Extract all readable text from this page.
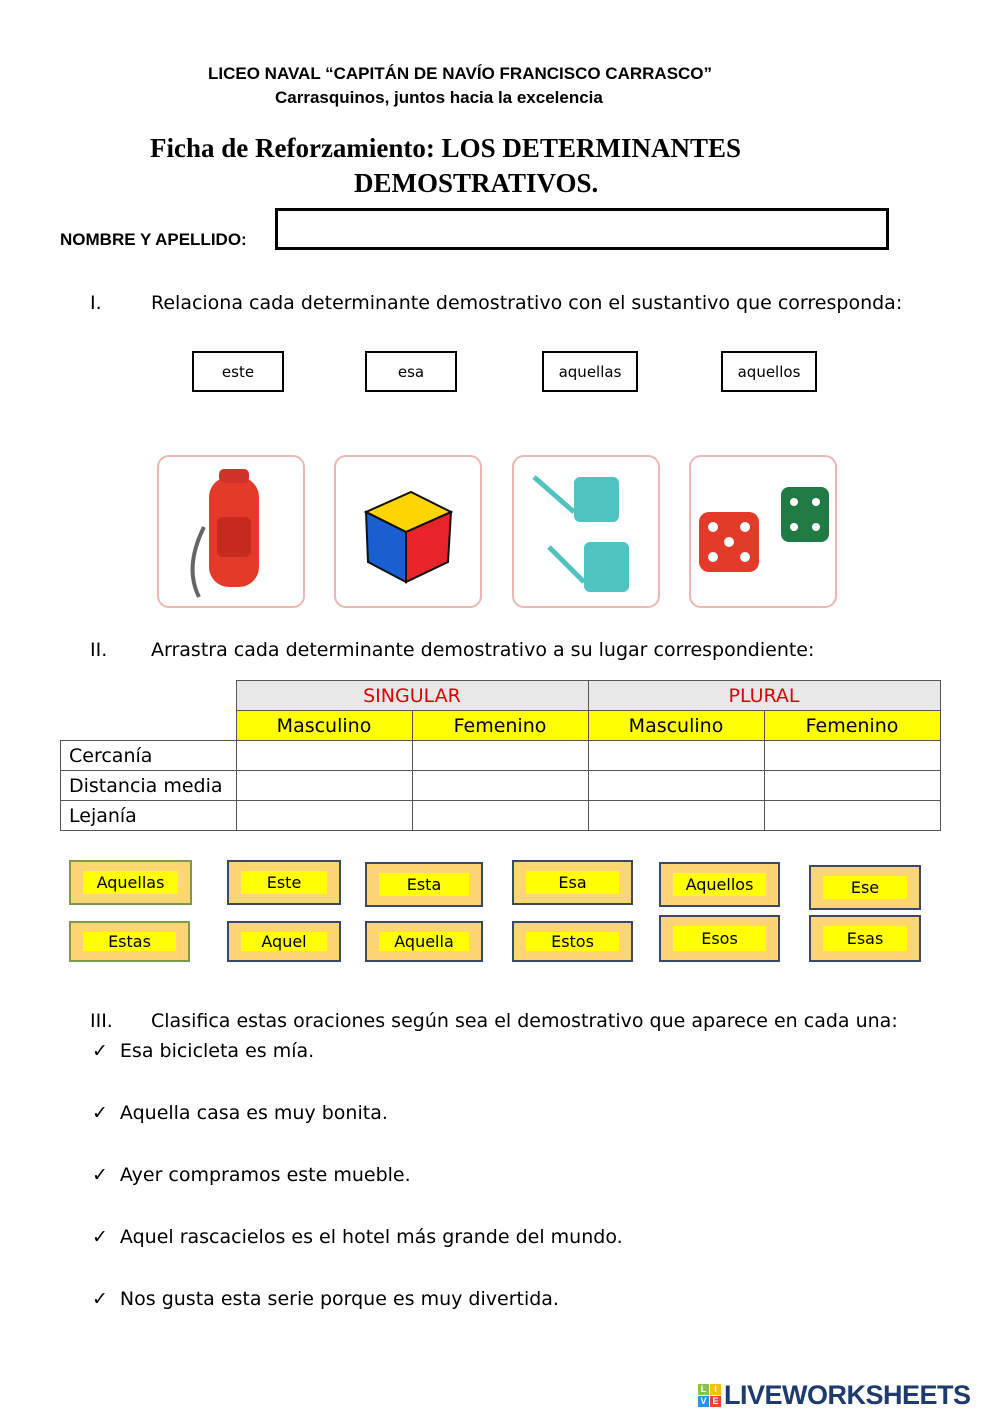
LICEO NAVAL “CAPITÁN DE NAVÍO FRANCISCO CARRASCO”
Carrasquinos, juntos hacia la excelencia
Ficha de Reforzamiento: LOS DETERMINANTES
DEMOSTRATIVOS.
NOMBRE Y APELLIDO:
I.	Relaciona cada determinante demostrativo con el sustantivo que corresponda:
este	esa	aquellas	aquellos
II. Arrastra cada determinante demostrativo a su lugar correspondiente:
	SINGULAR		PLURAL	
	Masculino	Femenino	Masculino	Femenino
Cercanía				
Distancia media				
Lejanía				
Aquellas	Este	Esta	Esa	Aquellos	Ese
Estas	Aquel	Aquella	Estos	Esos	Esas
III. Clasifica estas oraciones según sea el demostrativo que aparece en cada una:
✓ Esa bicicleta es mía.
✓ Aquella casa es muy bonita.
✓ Ayer compramos este mueble.
✓ Aquel rascacielos es el hotel más grande del mundo.
✓ Nos gusta esta serie porque es muy divertida.
L I
V E LIVEWORKSHEETS
